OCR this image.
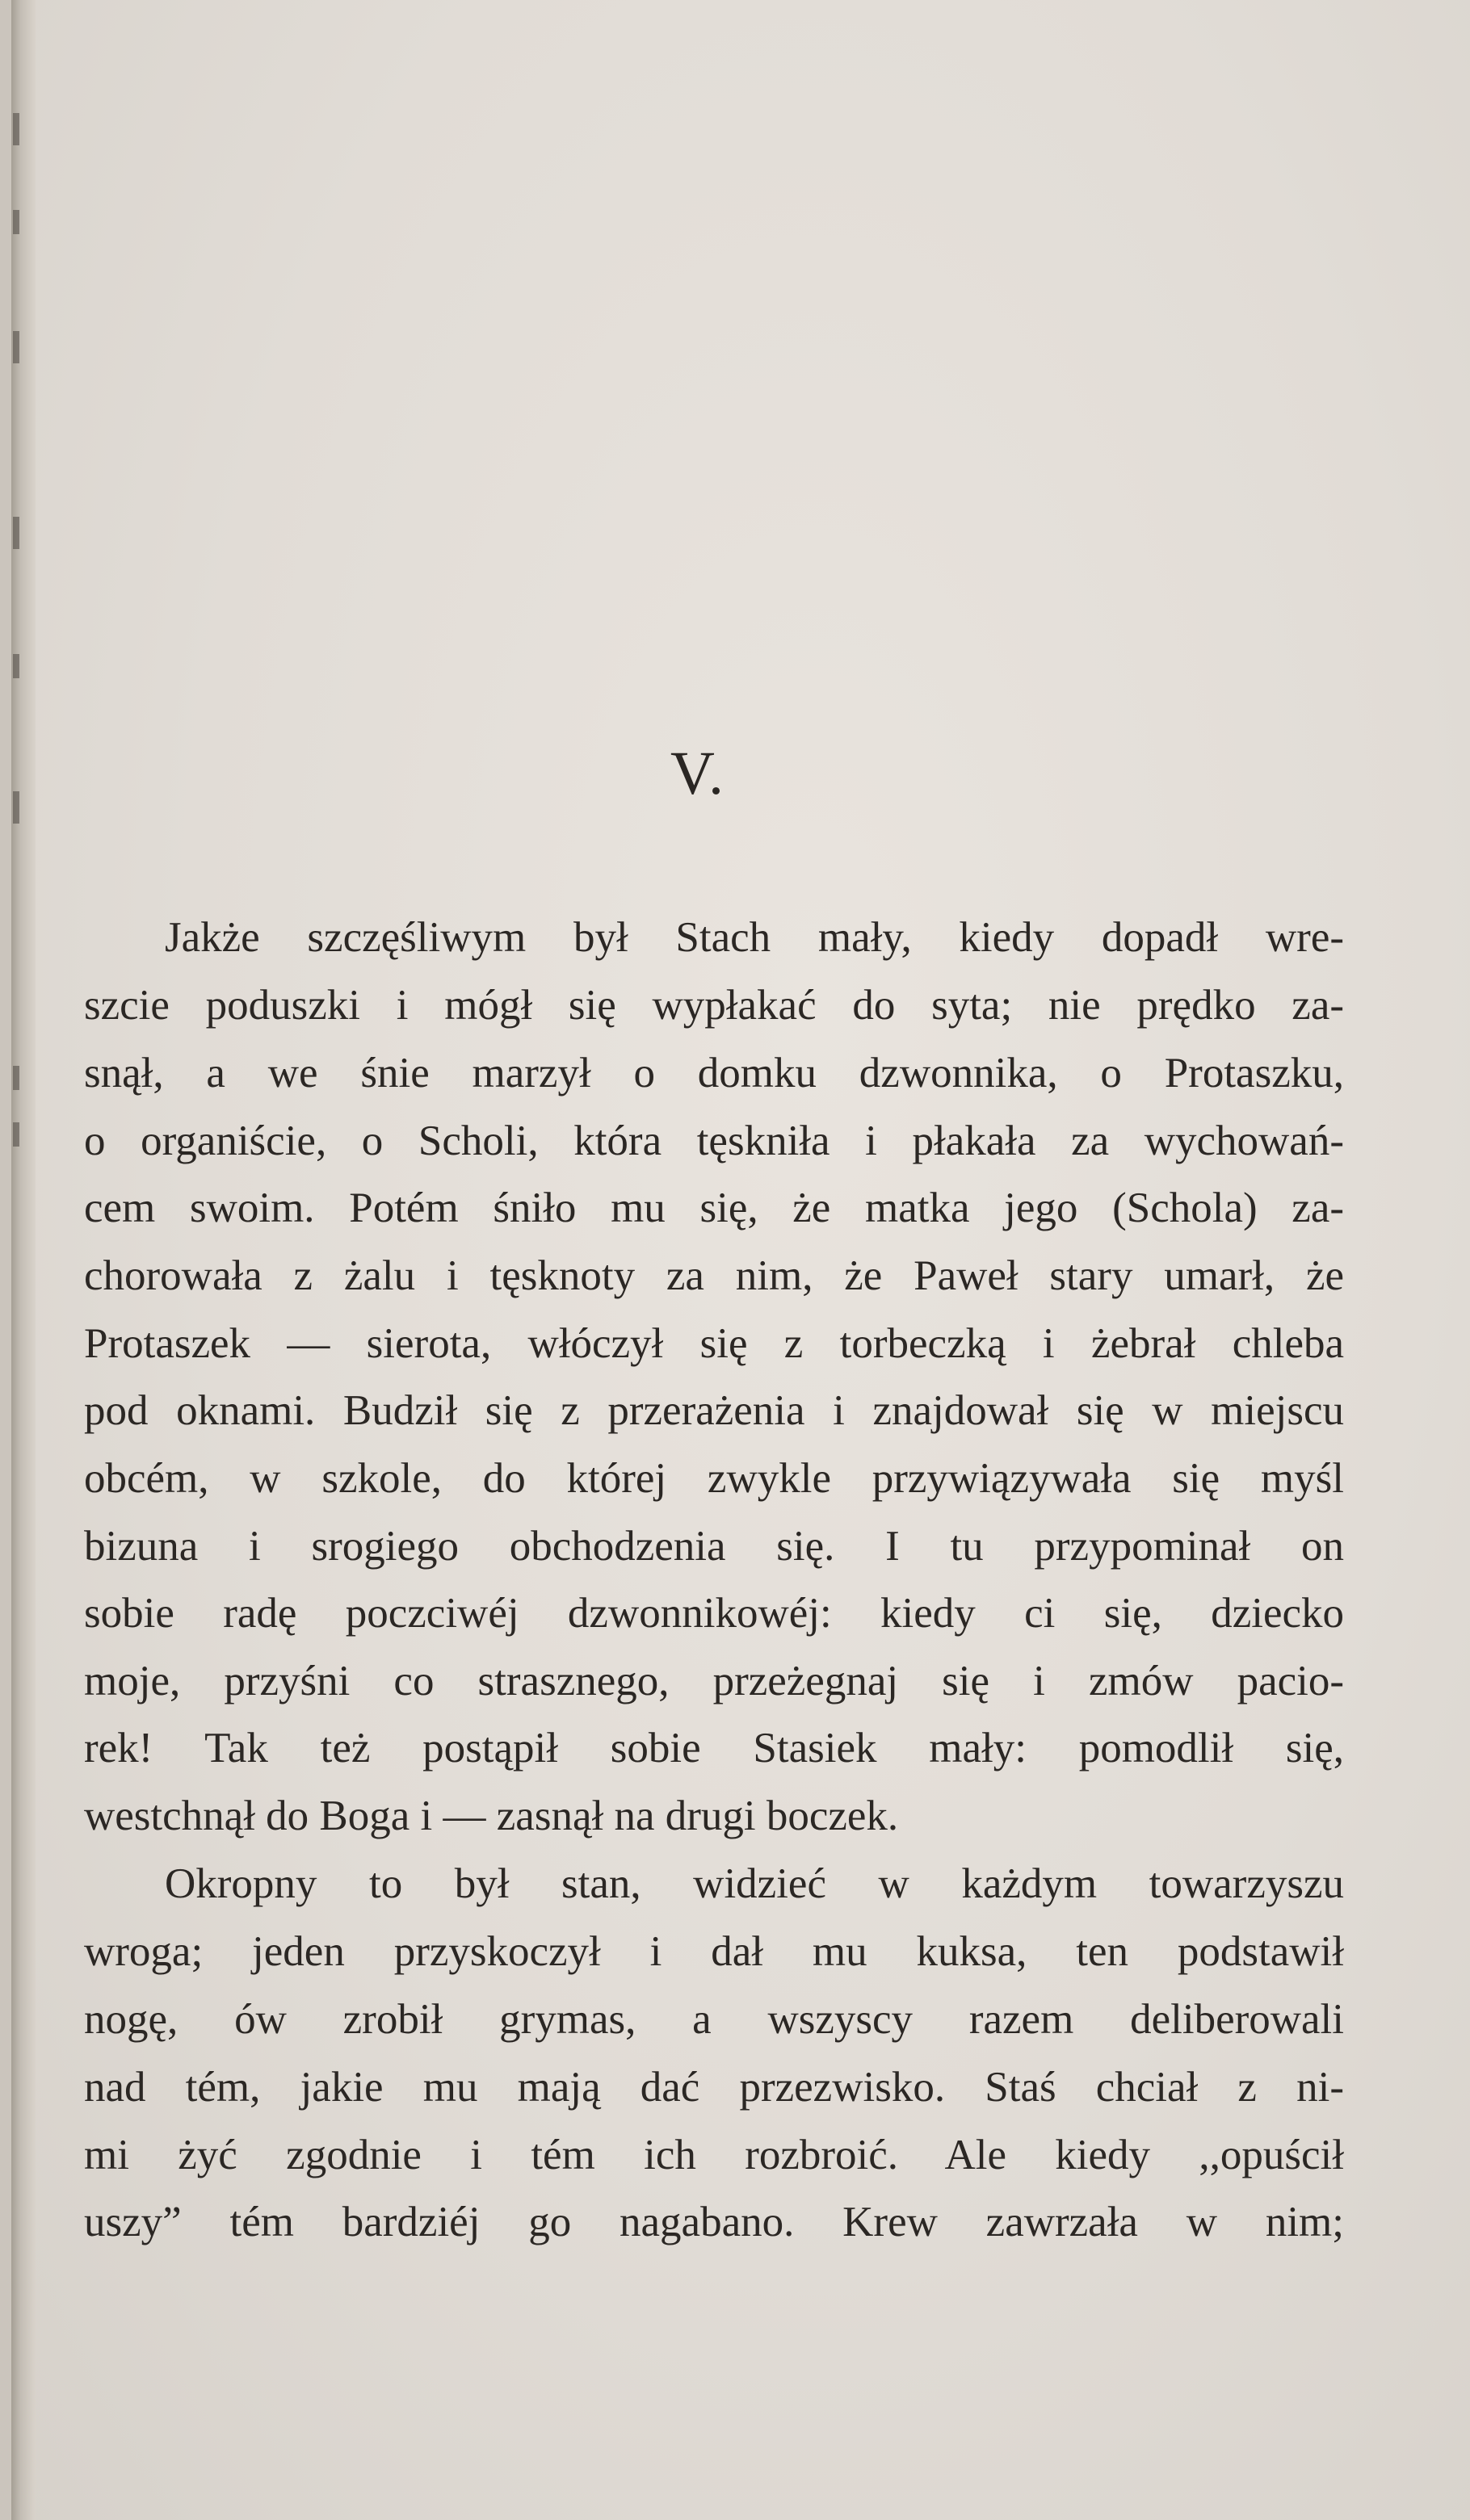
V.

Jakże szczęśliwym był Stach mały, kiedy dopadł wre-

szcie poduszki i mógł się wypłakać do syta; nie prędko za-

snął, a we śnie marzył o domku dzwonnika, o Protaszku,

o organiście, o Scholi, która tęskniła i płakała za wychowań-

cem swoim. Potém śniło mu się, że matka jego (Schola) za-

chorowała z żalu i tęsknoty za nim, że Paweł stary umarł, że

Protaszek — sierota, włóczył się z torbeczką i żebrał chleba

pod oknami. Budził się z przerażenia i znajdował się w miejscu

obcém, w szkole, do której zwykle przywiązywała się myśl

bizuna i srogiego obchodzenia się. I tu przypominał on

sobie radę poczciwéj dzwonnikowéj: kiedy ci się, dziecko

moje, przyśni co strasznego, przeżegnaj się i zmów pacio-

rek! Tak też postąpił sobie Stasiek mały: pomodlił się,

westchnął do Boga i — zasnął na drugi boczek.

Okropny to był stan, widzieć w każdym towarzyszu

wroga; jeden przyskoczył i dał mu kuksa, ten podstawił

nogę, ów zrobił grymas, a wszyscy razem deliberowali

nad tém, jakie mu mają dać przezwisko. Staś chciał z ni-

mi żyć zgodnie i tém ich rozbroić. Ale kiedy ,,opuścił

uszy” tém bardziéj go nagabano. Krew zawrzała w nim;
